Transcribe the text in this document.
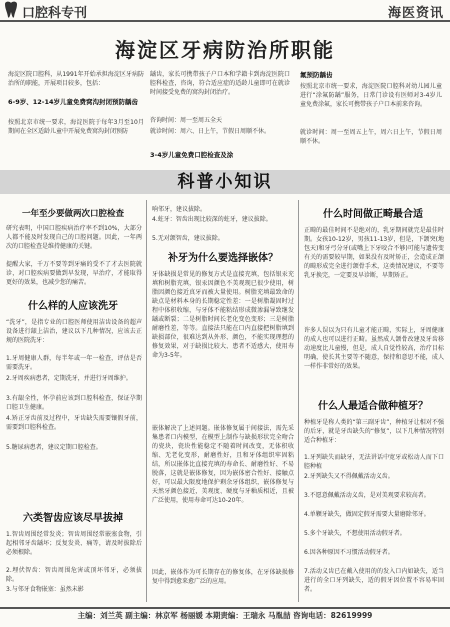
口腔科专刊	海医资讯
海淀区牙病防治所职能

海淀区院口腔科，从1991年开始承担海淀区牙病防治所的职能，开展项目较多，包括：

6-9岁、12-14岁儿童免费窝沟封闭预防龋齿

按照北京市统一要求，海淀医院于每年3月至10月期间在全区适龄儿童中开展免费窝沟封闭预防

龋齿，家长可携带孩子户口本和学籍卡到海淀医院口腔科检查，咨询，符合适应症的适龄儿童即可在就诊时间接受免费的窝沟封闭治疗。

咨询时间：周一至周五全天

就诊时间：周六、日上午，节假日周顺不休。

3-4岁儿童免费口腔检查及涂

氟预防龋齿

按照北京市统一要求，海淀医院口腔科对幼儿园儿童进行“涂氟防龋”服务，日常门诊设有医师对3-4岁儿童免费涂氟，家长可携带孩子户口本前来咨询。

就诊时间：周一至周五上午，周六日上午，节假日周顺不休。

科普小知识

一年至少要做两次口腔检查

研究表明，中国口腔疾病治疗率不到10%，大部分人都不能及时发现自己的口腔问题。因此，一年两次的口腔检查是维持健康的关键。

提醒大家，千万不要等到牙痛的受不了才去医院就诊，对口腔疾病要做到早发现，早治疗，才能取得更好的效果，也减少您的痛苦。

什么样的人应该洗牙

“洗牙”，是指专业的口腔医师使用洁齿设备的超声设备进行龈上洁治，建议以下几种情况，应该去正规的医院洗牙：

1.牙周健康人群，每半年或一年一检查，评估是否需要洗牙。

2.牙周疾病患者，定期洗牙，并进行牙周维护。

3.有龈全性，怀孕前应该到口腔科检查，保证孕期口腔卫生健康。

4.矫正牙齿前及过程中，牙齿缺失需要镶假牙前，需要到口腔科检查。

5.糖尿病患者，建议定期口腔检查。

六类智齿应该尽早拔掉

1.智齿周围经常发炎；智齿周围经常嵌塞食物，引起相邻牙齿龋坏；反复发炎、痛等，请及时拔除后必须根除。

2.埋伏智齿：智齿周围危害或顶坏邻牙，必须拔除。

3.与邻牙食物嵌塞：虽然未影

响邻牙，建议拔除。

4.蛀牙：智齿出现比较深的蛀牙，建议拔除。

5.无对颌智齿，建议拔除。

补牙为什么要选择嵌体？

牙体缺损是常见的修复方式是直接充填，包括银汞充填和树脂充填，银汞因颜色不美观现已很少使用，树脂因颜色接近真牙而被大量使用。树脂充填最致命的缺点是材料本身的长期稳定性差：一是树脂凝固时过程中体积收缩，与牙体不能粘结形成微渗漏导致继发龋或断裂；二是树脂时间长老化变色变形；三是树脂耐磨性差，等等。直接法只能在口内直接把树脂填到缺损部位，很难达到从外形、颜色，不能实现理想的修复效果，对于缺损比较大、患者不适感大，使用寿命为3-5年。

嵌体解决了上述问题。嵌体修复属于间接法，需先采集患者口内模型，在模型上制作与缺损形状完全吻合的瓷块，瓷块性能稳定不随着时间改变，无体积收缩、无老化变形，耐磨性好，且和牙体组织牢固粘结，所以嵌体比直接充填的寿命长、耐磨性好、不易脱落，这就是嵌体修复，因为嵌体密合性好、接触点好，可以最大限度地保护剩余牙体组织，嵌体修复与天然牙颜色接近，美观度、硬度与牙釉质相近，且被广泛使用，使用寿命可达10-20年。

因此，嵌体作为可长期存在的修复体，在牙体缺损修复中得到愈来愈广泛的应用。

什么时间做正畸最合适

正畸的最佳时间不是绝对的，乳牙期间就完是最佳时期。女孩10-12岁，男孩11-13岁，但是，下颌突(地包天)和牙弓分牙(或嘴上下牙咬合不够)可能与遗传变有关的需要较早期，如果没有及时矫正，会造成正颌的畸形成完全进行颌骨手术，这类情况建议，不要等乳牙换完，一定要及早诊断，早期矫正。

许多人误以为只有儿童才能正畸，实际上，牙周健康的成人也可以进行正畸。虽然成人颌骨改建及牙齿移动速度比儿童慢，但是，成人自觉性较高，治疗目标明确，使长其主要等不随意，保持和意思不能，成人一样作非常好的效果。

什么人最适合做种植牙？

种植牙是称人类的“第三副牙齿”，种植牙让相对不强的后牙，就是牙齿缺失的“修复”，以下几种情况特别适合种植牙：

1.牙列缺失而缺牙，无法讲话中宽牙或松动人而下口腔种植

2.牙列缺失又不得佩戴活动义齿。

3.不愿意佩戴活动义齿，是对美观要求较高者。

4.单颗牙缺失，做固定假牙需要大量磨除邻牙。

5.多个牙缺失，不想使用活动假牙者。

6.因各种原因不习惯活动假牙者。

7.活动义齿已在戴入使用的的发入口内如缺失，适当进行的全口牙列缺失，适的假牙因位置不容易牢固者。

主编：刘兰英 副主编：林京军 杨丽媛 本期责编：王瑞永 马胤喆 咨询电话：82619999
